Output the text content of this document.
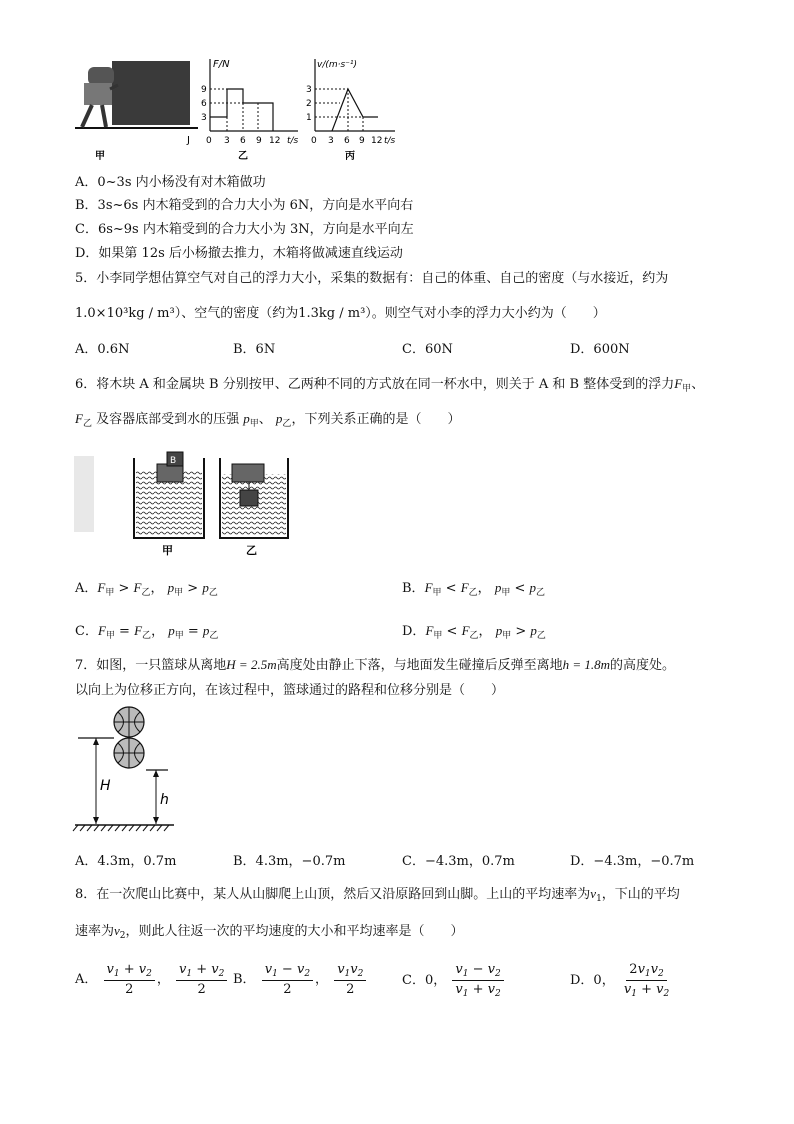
J
甲
F/N
t/s
9
6
3
0 3 6 9 12
乙
v/(m·s⁻¹)
t/s
3
2
1
0 3 6 9 12
丙
A．0~3s 内小杨没有对木箱做功
B．3s~6s 内木箱受到的合力大小为 6N，方向是水平向右
C．6s~9s 内木箱受到的合力大小为 3N，方向是水平向左
D．如果第 12s 后小杨撤去推力，木箱将做减速直线运动
5．小李同学想估算空气对自己的浮力大小，采集的数据有：自己的体重、自己的密度（与水接近，约为
1.0×10³kg / m³）、空气的密度（约为1.3kg / m³）。则空气对小李的浮力大小约为（　　）
A．0.6N	B．6N	C．60N	D．600N
6．将木块 A 和金属块 B 分别按甲、乙两种不同的方式放在同一杯水中，则关于 A 和 B 整体受到的浮力$F_甲$、
$F_乙$ 及容器底部受到水的压强 $p_甲$、 $p_乙$，下列关系正确的是（　　）
B
甲	乙
A．$F_甲 > F_乙$， $p_甲 > p_乙$	B．$F_甲 < F_乙$， $p_甲 < p_乙$
C．$F_甲 = F_乙$， $p_甲 = p_乙$	D．$F_甲 < F_乙$， $p_甲 > p_乙$
7．如图，一只篮球从离地H = 2.5m高度处由静止下落，与地面发生碰撞后反弹至离地h = 1.8m的高度处。
以向上为位移正方向，在该过程中，篮球通过的路程和位移分别是（　　）
H
h
A．4.3m，0.7m	B．4.3m，−0.7m	C．−4.3m，0.7m	D．−4.3m，−0.7m
8．在一次爬山比赛中，某人从山脚爬上山顶，然后又沿原路回到山脚。上山的平均速率为$v_1$，下山的平均
速率为$v_2$，则此人往返一次的平均速度的大小和平均速率是（　　）
A． $\frac{v_1 + v_2}{2}$ ， $\frac{v_1 + v_2}{2}$ B． $\frac{v_1 - v_2}{2}$ ， $\frac{v_1v_2}{2}$	C．0， $\frac{v_1 - v_2}{v_1 + v_2}$	D．0， $\frac{2v_1v_2}{v_1 + v_2}$
